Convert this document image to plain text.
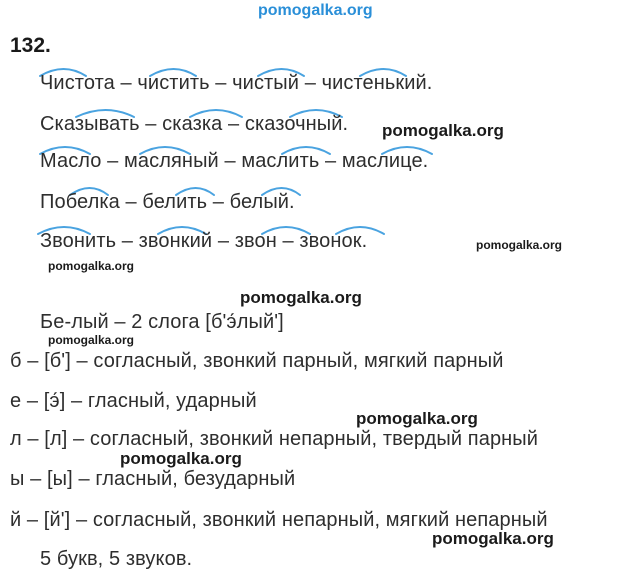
pomogalka.org
132.
Чистота – чистить – чистый – чистенький.
Сказывать – сказка – сказочный.
Масло – масляный – маслить – маслице.
Побелка – белить – белый.
Звонить – звонкий – звон – звонок.
Бе-лый – 2 слога [б'э́лый']
б – [б'] – согласный, звонкий парный, мягкий парный
е – [э́] – гласный, ударный
л – [л] – согласный, звонкий непарный, твердый парный
ы – [ы] – гласный, безударный
й – [й'] – согласный, звонкий непарный, мягкий непарный
5 букв, 5 звуков.
pomogalka.org
pomogalka.org
pomogalka.org
pomogalka.org
pomogalka.org
pomogalka.org
pomogalka.org
pomogalka.org
